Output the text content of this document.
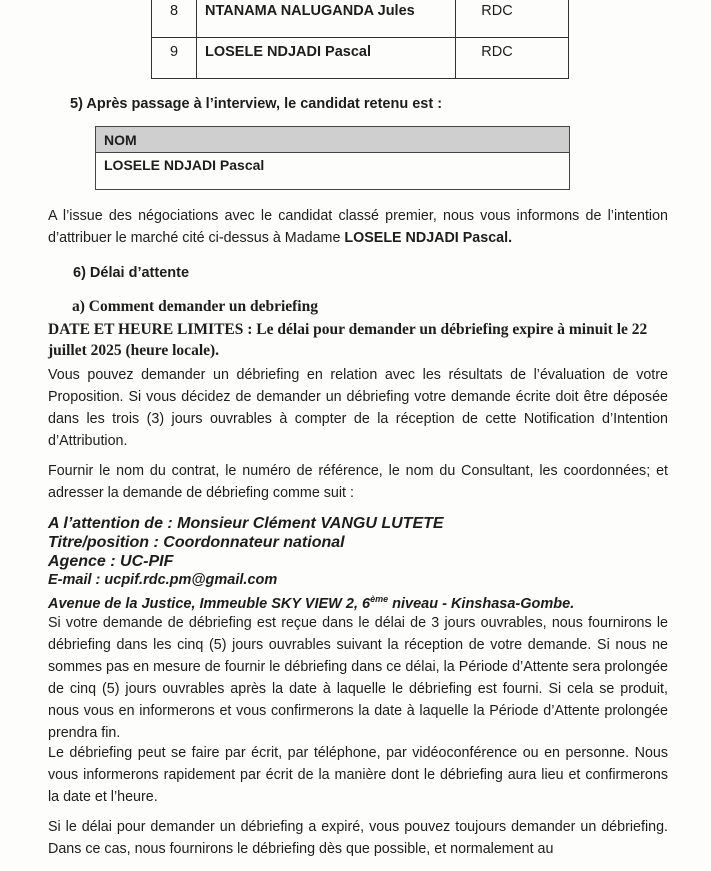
8	NTANAMA NALUGANDA Jules	RDC
9	LOSELE NDJADI Pascal	RDC
5) Après passage à l’interview, le candidat retenu est :
NOM
LOSELE NDJADI Pascal
A l’issue des négociations avec le candidat classé premier, nous vous informons de l’intention d’attribuer le marché cité ci-dessus à Madame LOSELE NDJADI Pascal.
6) Délai d’attente
a) Comment demander un debriefing
DATE ET HEURE LIMITES : Le délai pour demander un débriefing expire à minuit le 22 juillet 2025 (heure locale).
Vous pouvez demander un débriefing en relation avec les résultats de l’évaluation de votre Proposition. Si vous décidez de demander un débriefing votre demande écrite doit être déposée dans les trois (3) jours ouvrables à compter de la réception de cette Notification d’Intention d’Attribution.
Fournir le nom du contrat, le numéro de référence, le nom du Consultant, les coordonnées; et adresser la demande de débriefing comme suit :
A l’attention de : Monsieur Clément VANGU LUTETE
Titre/position : Coordonnateur national
Agence : UC-PIF
E-mail : ucpif.rdc.pm@gmail.com
Avenue de la Justice, Immeuble SKY VIEW 2, 6ème niveau - Kinshasa-Gombe.
Si votre demande de débriefing est reçue dans le délai de 3 jours ouvrables, nous fournirons le débriefing dans les cinq (5) jours ouvrables suivant la réception de votre demande. Si nous ne sommes pas en mesure de fournir le débriefing dans ce délai, la Période d’Attente sera prolongée de cinq (5) jours ouvrables après la date à laquelle le débriefing est fourni. Si cela se produit, nous vous en informerons et vous confirmerons la date à laquelle la Période d’Attente prolongée prendra fin.
Le débriefing peut se faire par écrit, par téléphone, par vidéoconférence ou en personne. Nous vous informerons rapidement par écrit de la manière dont le débriefing aura lieu et confirmerons la date et l’heure.
Si le délai pour demander un débriefing a expiré, vous pouvez toujours demander un débriefing. Dans ce cas, nous fournirons le débriefing dès que possible, et normalement au
